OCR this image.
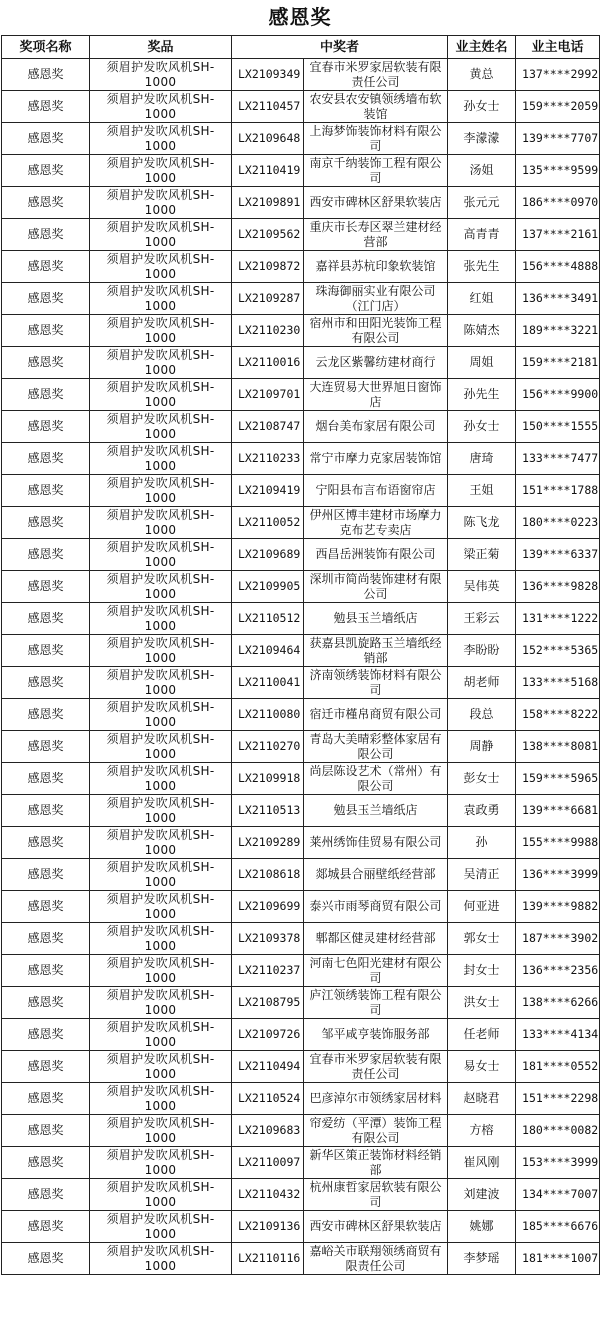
感恩奖
奖项名称	奖品	中奖者		业主姓名	业主电话
感恩奖	须眉护发吹风机SH-1000	LX2109349	宜春市米罗家居软装有限责任公司	黄总	137****2992
感恩奖	须眉护发吹风机SH-1000	LX2110457	农安县农安镇领绣墙布软装馆	孙女士	159****2059
感恩奖	须眉护发吹风机SH-1000	LX2109648	上海梦饰装饰材料有限公司	李濛濛	139****7707
感恩奖	须眉护发吹风机SH-1000	LX2110419	南京千纳装饰工程有限公司	汤姐	135****9599
感恩奖	须眉护发吹风机SH-1000	LX2109891	西安市碑林区舒果软装店	张元元	186****0970
感恩奖	须眉护发吹风机SH-1000	LX2109562	重庆市长寿区翠兰建材经营部	高青青	137****2161
感恩奖	须眉护发吹风机SH-1000	LX2109872	嘉祥县苏杭印象软装馆	张先生	156****4888
感恩奖	须眉护发吹风机SH-1000	LX2109287	珠海御丽实业有限公司（江门店）	红姐	136****3491
感恩奖	须眉护发吹风机SH-1000	LX2110230	宿州市和田阳光装饰工程有限公司	陈婧杰	189****3221
感恩奖	须眉护发吹风机SH-1000	LX2110016	云龙区紫馨纺建材商行	周姐	159****2181
感恩奖	须眉护发吹风机SH-1000	LX2109701	大连贸易大世界旭日窗饰店	孙先生	156****9900
感恩奖	须眉护发吹风机SH-1000	LX2108747	烟台美布家居有限公司	孙女士	150****1555
感恩奖	须眉护发吹风机SH-1000	LX2110233	常宁市摩力克家居装饰馆	唐琦	133****7477
感恩奖	须眉护发吹风机SH-1000	LX2109419	宁阳县布言布语窗帘店	王姐	151****1788
感恩奖	须眉护发吹风机SH-1000	LX2110052	伊州区博丰建材市场摩力克布艺专卖店	陈飞龙	180****0223
感恩奖	须眉护发吹风机SH-1000	LX2109689	西昌岳洲装饰有限公司	梁正菊	139****6337
感恩奖	须眉护发吹风机SH-1000	LX2109905	深圳市简尚装饰建材有限公司	吴伟英	136****9828
感恩奖	须眉护发吹风机SH-1000	LX2110512	勉县玉兰墙纸店	王彩云	131****1222
感恩奖	须眉护发吹风机SH-1000	LX2109464	获嘉县凯旋路玉兰墙纸经销部	李盼盼	152****5365
感恩奖	须眉护发吹风机SH-1000	LX2110041	济南领绣装饰材料有限公司	胡老师	133****5168
感恩奖	须眉护发吹风机SH-1000	LX2110080	宿迁市槿帛商贸有限公司	段总	158****8222
感恩奖	须眉护发吹风机SH-1000	LX2110270	青岛大美晴彩整体家居有限公司	周静	138****8081
感恩奖	须眉护发吹风机SH-1000	LX2109918	尚层陈设艺术（常州）有限公司	彭女士	159****5965
感恩奖	须眉护发吹风机SH-1000	LX2110513	勉县玉兰墙纸店	袁政勇	139****6681
感恩奖	须眉护发吹风机SH-1000	LX2109289	莱州绣饰佳贸易有限公司	孙	155****9988
感恩奖	须眉护发吹风机SH-1000	LX2108618	郯城县合丽壁纸经营部	吴清正	136****3999
感恩奖	须眉护发吹风机SH-1000	LX2109699	泰兴市雨琴商贸有限公司	何亚进	139****9882
感恩奖	须眉护发吹风机SH-1000	LX2109378	郫都区健灵建材经营部	郭女士	187****3902
感恩奖	须眉护发吹风机SH-1000	LX2110237	河南七色阳光建材有限公司	封女士	136****2356
感恩奖	须眉护发吹风机SH-1000	LX2108795	庐江领绣装饰工程有限公司	洪女士	138****6266
感恩奖	须眉护发吹风机SH-1000	LX2109726	邹平咸亨装饰服务部	任老师	133****4134
感恩奖	须眉护发吹风机SH-1000	LX2110494	宜春市米罗家居软装有限责任公司	易女士	181****0552
感恩奖	须眉护发吹风机SH-1000	LX2110524	巴彦淖尔市领绣家居材料	赵晓君	151****2298
感恩奖	须眉护发吹风机SH-1000	LX2109683	帘爱纺（平潭）装饰工程有限公司	方榕	180****0082
感恩奖	须眉护发吹风机SH-1000	LX2110097	新华区策正装饰材料经销部	崔风刚	153****3999
感恩奖	须眉护发吹风机SH-1000	LX2110432	杭州康哲家居软装有限公司	刘建波	134****7007
感恩奖	须眉护发吹风机SH-1000	LX2109136	西安市碑林区舒果软装店	姚娜	185****6676
感恩奖	须眉护发吹风机SH-1000	LX2110116	嘉峪关市联翔领绣商贸有限责任公司	李梦瑶	181****1007
